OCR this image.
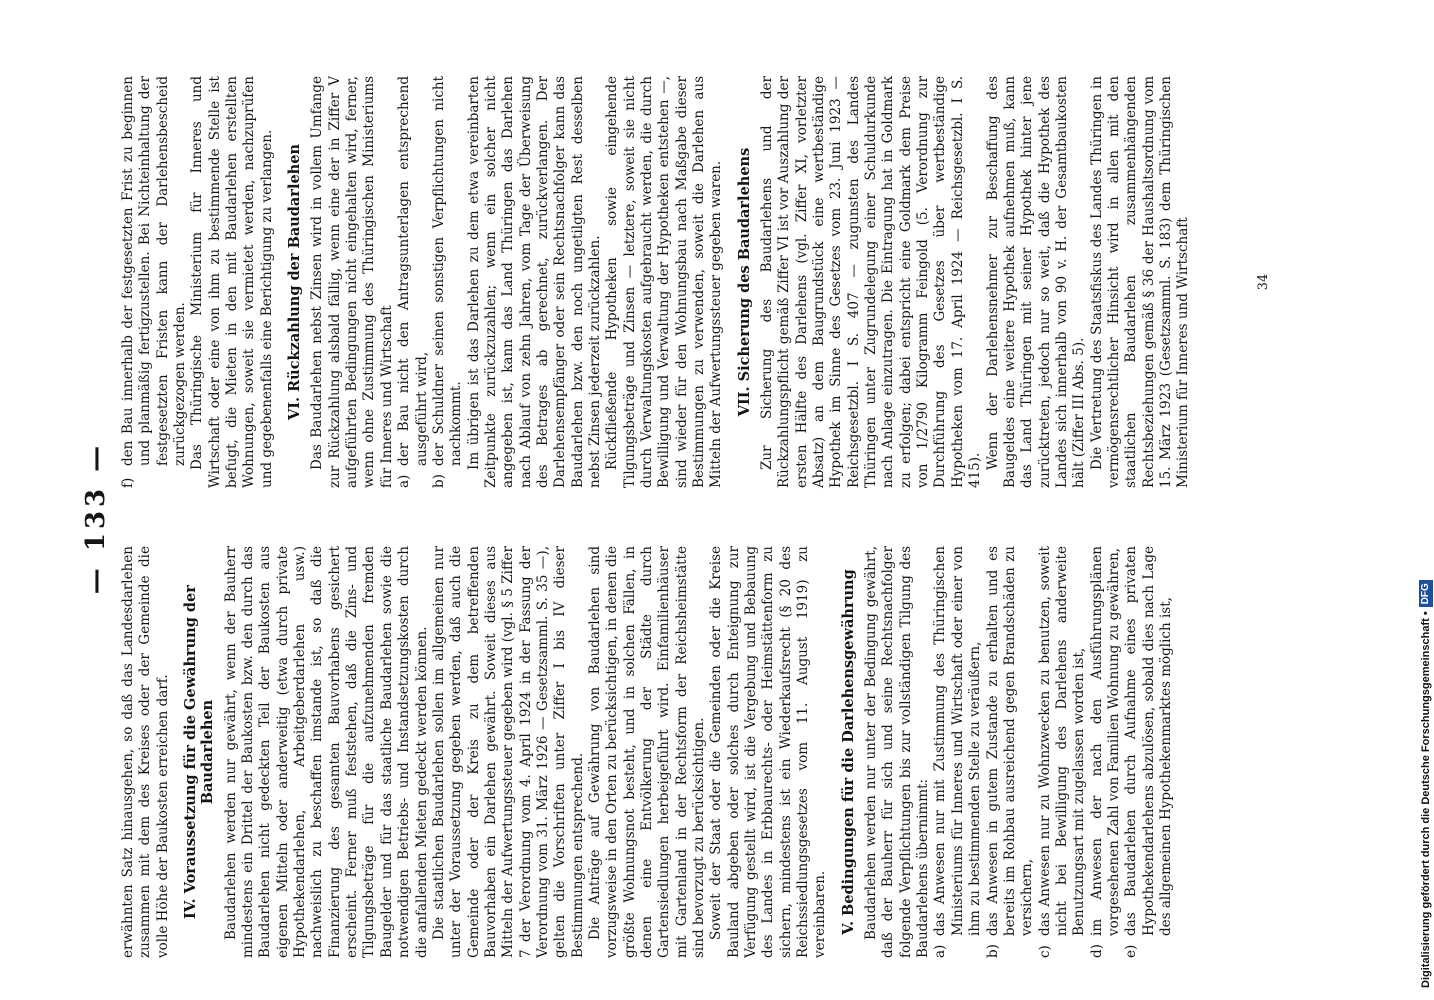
— 133 —

erwähnten Satz hinausgehen, so daß das Landesdarlehen zusammen mit dem des Kreises oder der Gemeinde die volle Höhe der Baukosten erreichen darf. IV. Voraussetzung für die Gewährung der Baudarlehen Baudarlehen werden nur gewährt, wenn der Bauherr mindestens ein Drittel der Baukosten bzw. den durch das Baudarlehen nicht gedeckten Teil der Baukosten aus eigenen Mitteln oder anderweitig (etwa durch private Hypothekendarlehen, Arbeitgeberdarlehen usw.) nachweislich zu beschaffen imstande ist, so daß die Finanzierung des gesamten Bauvorhabens gesichert erscheint. Ferner muß feststehen, daß die Zins- und Tilgungsbeträge für die aufzunehmenden fremden Baugelder und für das staatliche Baudarlehen sowie die notwendigen Betriebs- und Instandsetzungskosten durch die anfallenden Mieten gedeckt werden können. Die staatlichen Baudarlehen sollen im allgemeinen nur unter der Voraussetzung gegeben werden, daß auch die Gemeinde oder der Kreis zu dem betreffenden Bauvorhaben ein Darlehen gewährt. Soweit dieses aus Mitteln der Aufwertungssteuer gegeben wird (vgl. § 5 Ziffer 7 der Verordnung vom 4. April 1924 in der Fassung der Verordnung vom 31. März 1926 — Gesetzsamml. S. 35 —), gelten die Vorschriften unter Ziffer I bis IV dieser Bestimmungen entsprechend. Die Anträge auf Gewährung von Baudarlehen sind vorzugsweise in den Orten zu berücksichtigen, in denen die größte Wohnungsnot besteht, und in solchen Fällen, in denen eine Entvölkerung der Städte durch Gartensiedlungen herbeigeführt wird. Einfamilienhäuser mit Gartenland in der Rechtsform der Reichsheimstätte sind bevorzugt zu berücksichtigen. Soweit der Staat oder die Gemeinden oder die Kreise Bauland abgeben oder solches durch Enteignung zur Verfügung gestellt wird, ist die Vergebung und Bebauung des Landes in Erbbaurechts- oder Heimstättenform zu sichern, mindestens ist ein Wiederkaufsrecht (§ 20 des Reichssiedlungsgesetzes vom 11. August 1919) zu vereinbaren. V. Bedingungen für die Darlehensgewährung Baudarlehen werden nur unter der Bedingung gewährt, daß der Bauherr für sich und seine Rechtsnachfolger folgende Verpflichtungen bis zur vollständigen Tilgung des Baudarlehens übernimmt: a)
das Anwesen nur mit Zustimmung des Thüringischen Ministeriums für Inneres und Wirtschaft oder einer von ihm zu bestimmenden Stelle zu veräußern,
b)
das Anwesen in gutem Zustande zu erhalten und es bereits im Rohbau ausreichend gegen Brandschäden zu versichern,
c)
das Anwesen nur zu Wohnzwecken zu benutzen, soweit nicht bei Bewilligung des Darlehens anderweite Benutzungsart mit zugelassen worden ist,
d)
im Anwesen der nach den Ausführungsplänen vorgesehenen Zahl von Familien Wohnung zu gewähren,
e)
das Baudarlehen durch Aufnahme eines privaten Hypothekendarlehens abzulösen, sobald dies nach Lage des allgemeinen Hypothekenmarktes möglich ist,
f)
den Bau innerhalb der festgesetzten Frist zu beginnen und planmäßig fertigzustellen. Bei Nichteinhaltung der festgesetzten Fristen kann der Darlehensbescheid zurückgezogen werden. Das Thüringische Ministerium für Inneres und Wirtschaft oder eine von ihm zu bestimmende Stelle ist befugt, die Mieten in den mit Baudarlehen erstellten Wohnungen, soweit sie vermietet werden, nachzuprüfen und gegebenenfalls eine Berichtigung zu verlangen. VI. Rückzahlung der Baudarlehen Das Baudarlehen nebst Zinsen wird in vollem Umfange zur Rückzahlung alsbald fällig, wenn eine der in Ziffer V aufgeführten Bedingungen nicht eingehalten wird, ferner, wenn ohne Zustimmung des Thüringischen Ministeriums für Inneres und Wirtschaft a)
der Bau nicht den Antragsunterlagen entsprechend ausgeführt wird,
b)
der Schuldner seinen sonstigen Verpflichtungen nicht nachkommt. Im übrigen ist das Darlehen zu dem etwa vereinbarten Zeitpunkte zurückzuzahlen; wenn ein solcher nicht angegeben ist, kann das Land Thüringen das Darlehen nach Ablauf von zehn Jahren, vom Tage der Überweisung des Betrages ab gerechnet, zurückverlangen. Der Darlehensempfänger oder sein Rechtsnachfolger kann das Baudarlehen bzw. den noch ungetilgten Rest desselben nebst Zinsen jederzeit zurückzahlen. Rückfließende Hypotheken sowie eingehende Tilgungsbeträge und Zinsen — letztere, soweit sie nicht durch Verwaltungskosten aufgebraucht werden, die durch Bewilligung und Verwaltung der Hypotheken entstehen —, sind wieder für den Wohnungsbau nach Maßgabe dieser Bestimmungen zu verwenden, soweit die Darlehen aus Mitteln der Aufwertungssteuer gegeben waren. VII. Sicherung des Baudarlehens Zur Sicherung des Baudarlehens und der Rückzahlungspflicht gemäß Ziffer VI ist vor Auszahlung der ersten Hälfte des Darlehens (vgl. Ziffer XI, vorletzter Absatz) an dem Baugrundstück eine wertbeständige Hypothek im Sinne des Gesetzes vom 23. Juni 1923 — Reichsgesetzbl. I S. 407 — zugunsten des Landes Thüringen unter Zugrundelegung einer Schuldurkunde nach Anlage einzutragen. Die Eintragung hat in Goldmark zu erfolgen; dabei entspricht eine Goldmark dem Preise von 1/2790 Kilogramm Feingold (5. Verordnung zur Durchführung des Gesetzes über wertbeständige Hypotheken vom 17. April 1924 — Reichsgesetzbl. I S. 415).

Wenn der Darlehensnehmer zur Beschaffung des Baugeldes eine weitere Hypothek aufnehmen muß, kann das Land Thüringen mit seiner Hypothek hinter jene zurücktreten, jedoch nur so weit, daß die Hypothek des Landes sich innerhalb von 90 v. H. der Gesamtbaukosten hält (Ziffer III Abs. 5). Die Vertretung des Staatsfiskus des Landes Thüringen in vermögensrechtlicher Hinsicht wird in allen mit den staatlichen Baudarlehen zusammenhängenden Rechtsbeziehungen gemäß § 36 der Haushaltsordnung vom 15. März 1923 (Gesetzsamml. S. 183) dem Thüringischen Ministerium für Inneres und Wirtschaft	34
Digitalisierung gefördert durch die Deutsche Forschungsgemeinschaft •
DFG
